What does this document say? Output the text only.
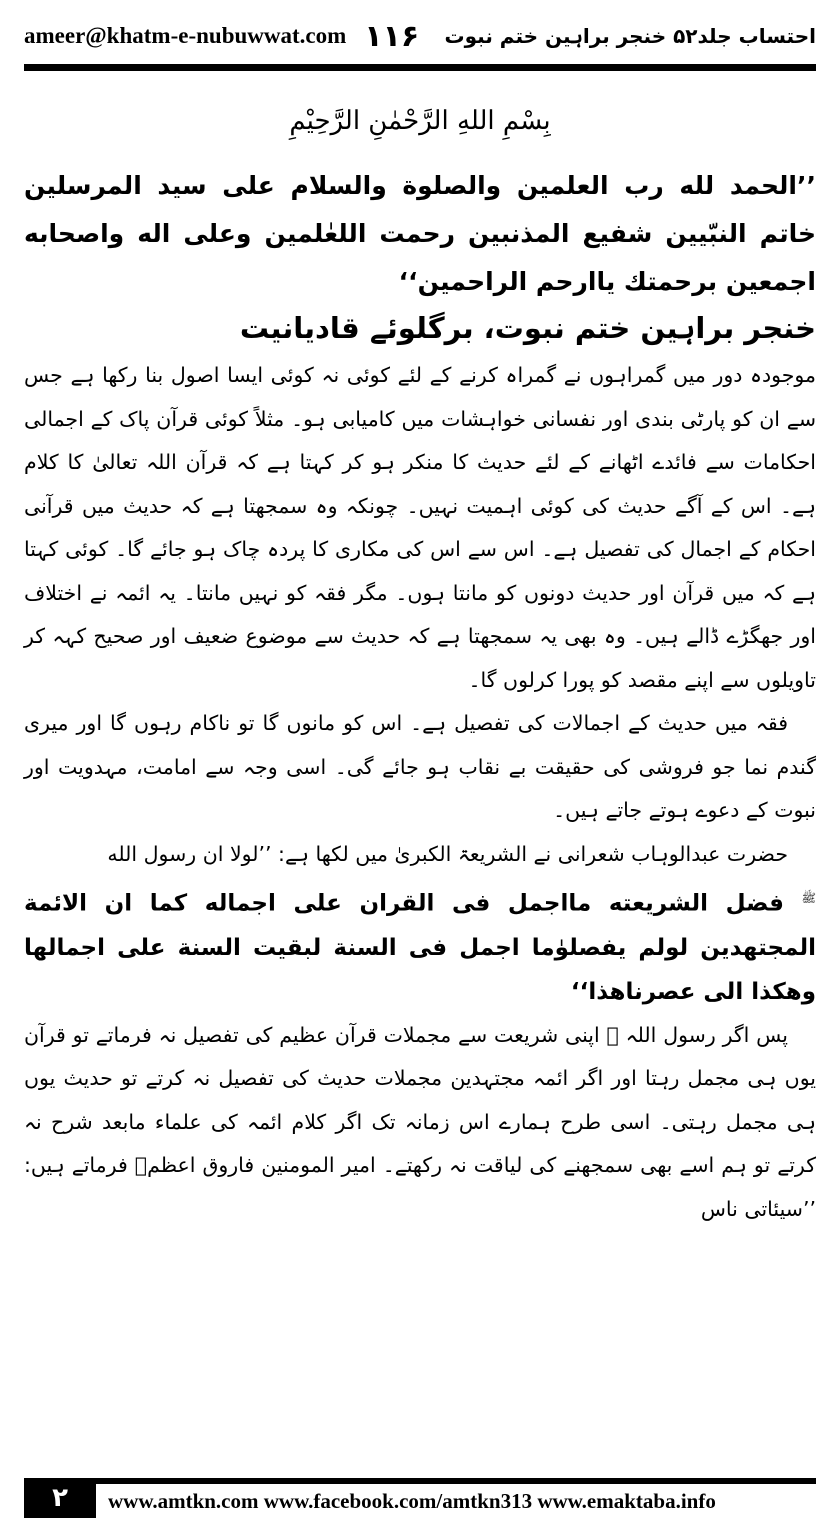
ameer@khatm-e-nubuwwat.com ۱۱۶ احتساب جلد۵۲ خنجر براہین ختم نبوت
بِسْمِ اللهِ الرَّحْمٰنِ الرَّحِیْمِ
’’الحمد لله رب العلمین والصلوة والسلام علی سید المرسلین خاتم النبّیین شفیع المذنبین رحمت اللعٰلمین وعلی اله واصحابه اجمعین برحمتك یاارحم الراحمین‘‘
خنجر براہین ختم نبوت، برگلوئے قادیانیت

موجودہ دور میں گمراہوں نے گمراہ کرنے کے لئے کوئی نہ کوئی ایسا اصول بنا رکھا ہے جس سے ان کو پارٹی بندی اور نفسانی خواہشات میں کامیابی ہو۔ مثلاً کوئی قرآن پاک کے اجمالی احکامات سے فائدے اٹھانے کے لئے حدیث کا منکر ہو کر کہتا ہے کہ قرآن اللہ تعالیٰ کا کلام ہے۔ اس کے آگے حدیث کی کوئی اہمیت نہیں۔ چونکہ وہ سمجھتا ہے کہ حدیث میں قرآنی احکام کے اجمال کی تفصیل ہے۔ اس سے اس کی مکاری کا پردہ چاک ہو جائے گا۔ کوئی کہتا ہے کہ میں قرآن اور حدیث دونوں کو مانتا ہوں۔ مگر فقہ کو نہیں مانتا۔ یہ ائمہ نے اختلاف اور جھگڑے ڈالے ہیں۔ وہ بھی یہ سمجھتا ہے کہ حدیث سے موضوع ضعیف اور صحیح کہہ کر تاویلوں سے اپنے مقصد کو پورا کرلوں گا۔

فقہ میں حدیث کے اجمالات کی تفصیل ہے۔ اس کو مانوں گا تو ناکام رہوں گا اور میری گندم نما جو فروشی کی حقیقت بے نقاب ہو جائے گی۔ اسی وجہ سے امامت، مہدویت اور نبوت کے دعوے ہوتے جاتے ہیں۔

حضرت عبدالوہاب شعرانی نے الشریعۃ الکبریٰ میں لکھا ہے: ’’لولا ان رسول الله

$^ﷺ$ فضل الشریعته مااجمل فی القران علی اجماله کما ان الائمة المجتهدین لولم یفصلوٰما اجمل فی السنة لبقیت السنة علی اجمالها وهکذا الی عصرناهذا‘‘

پس اگر رسول اللہ ﷺ اپنی شریعت سے مجملات قرآن عظیم کی تفصیل نہ فرماتے تو قرآن یوں ہی مجمل رہتا اور اگر ائمہ مجتہدین مجملات حدیث کی تفصیل نہ کرتے تو حدیث یوں ہی مجمل رہتی۔ اسی طرح ہمارے اس زمانہ تک اگر کلام ائمہ کی علماء مابعد شرح نہ کرتے تو ہم اسے بھی سمجھنے کی لیاقت نہ رکھتے۔ امیر المومنین فاروق اعظمؓ فرماتے ہیں: ’’سیئاتی ناس

۲	www.amtkn.com www.facebook.com/amtkn313 www.emaktaba.info
